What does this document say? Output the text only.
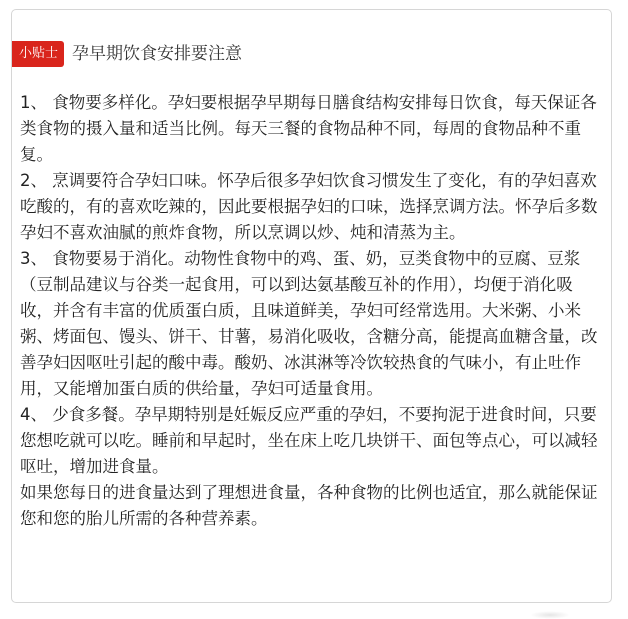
小贴士 孕早期饮食安排要注意

1、 食物要多样化。孕妇要根据孕早期每日膳食结构安排每日饮食，每天保证各类食物的摄入量和适当比例。每天三餐的食物品种不同，每周的食物品种不重复。

2、 烹调要符合孕妇口味。怀孕后很多孕妇饮食习惯发生了变化，有的孕妇喜欢吃酸的，有的喜欢吃辣的，因此要根据孕妇的口味，选择烹调方法。怀孕后多数孕妇不喜欢油腻的煎炸食物，所以烹调以炒、炖和清蒸为主。

3、 食物要易于消化。动物性食物中的鸡、蛋、奶，豆类食物中的豆腐、豆浆（豆制品建议与谷类一起食用，可以到达氨基酸互补的作用），均便于消化吸收，并含有丰富的优质蛋白质，且味道鲜美，孕妇可经常选用。大米粥、小米粥、烤面包、馒头、饼干、甘薯，易消化吸收，含糖分高，能提高血糖含量，改善孕妇因呕吐引起的酸中毒。酸奶、冰淇淋等冷饮较热食的气味小，有止吐作用，又能增加蛋白质的供给量，孕妇可适量食用。

4、 少食多餐。孕早期特别是妊娠反应严重的孕妇，不要拘泥于进食时间，只要您想吃就可以吃。睡前和早起时，坐在床上吃几块饼干、面包等点心，可以减轻呕吐，增加进食量。

如果您每日的进食量达到了理想进食量，各种食物的比例也适宜，那么就能保证您和您的胎儿所需的各种营养素。
